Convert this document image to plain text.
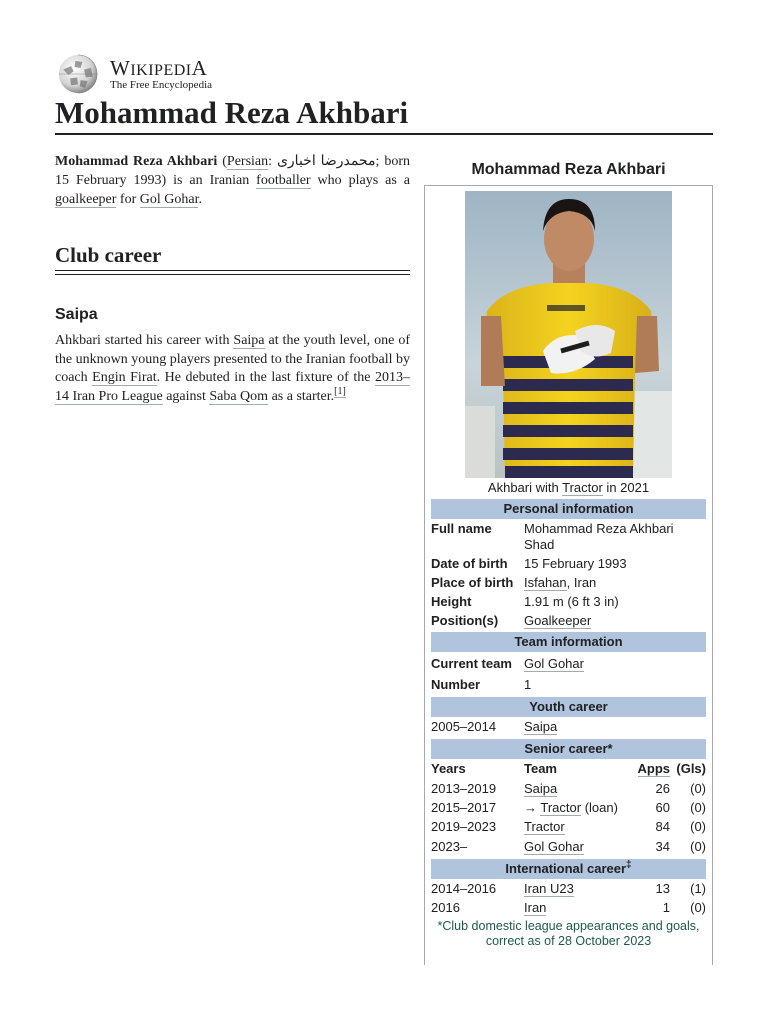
WIKIPEDIA
The Free Encyclopedia
Mohammad Reza Akhbari

Mohammad Reza Akhbari (Persian: محمدرضا اخباری; born 15 February 1993) is an Iranian footballer who plays as a goalkeeper for Gol Gohar.

Club career
Saipa

Ahkbari started his career with Saipa at the youth level, one of the unknown young players presented to the Iranian football by coach Engin Firat. He debuted in the last fixture of the 2013–14 Iran Pro League against Saba Qom as a starter.[1]

Mohammad Reza Akhbari
Akhbari with Tractor in 2021
Personal information
Full name Mohammad Reza Akhbari Shad
Date of birth 15 February 1993
Place of birth Isfahan, Iran
Height	1.91 m (6 ft 3 in)
Position(s) Goalkeeper
Team information
Current team Gol Gohar
Number	1
Youth career
2005–2014 Saipa
Senior career*
Years	Team	Apps (Gls)
2013–2019 Saipa	26 (0)
2015–2017 → Tractor (loan)	60 (0)
2019–2023 Tractor	84 (0)
2023–	Gol Gohar	34 (0)
International career‡
2014–2016 Iran U23	13 (1)
2016	Iran	1 (0)
*Club domestic league appearances and goals, correct as of 28 October 2023
